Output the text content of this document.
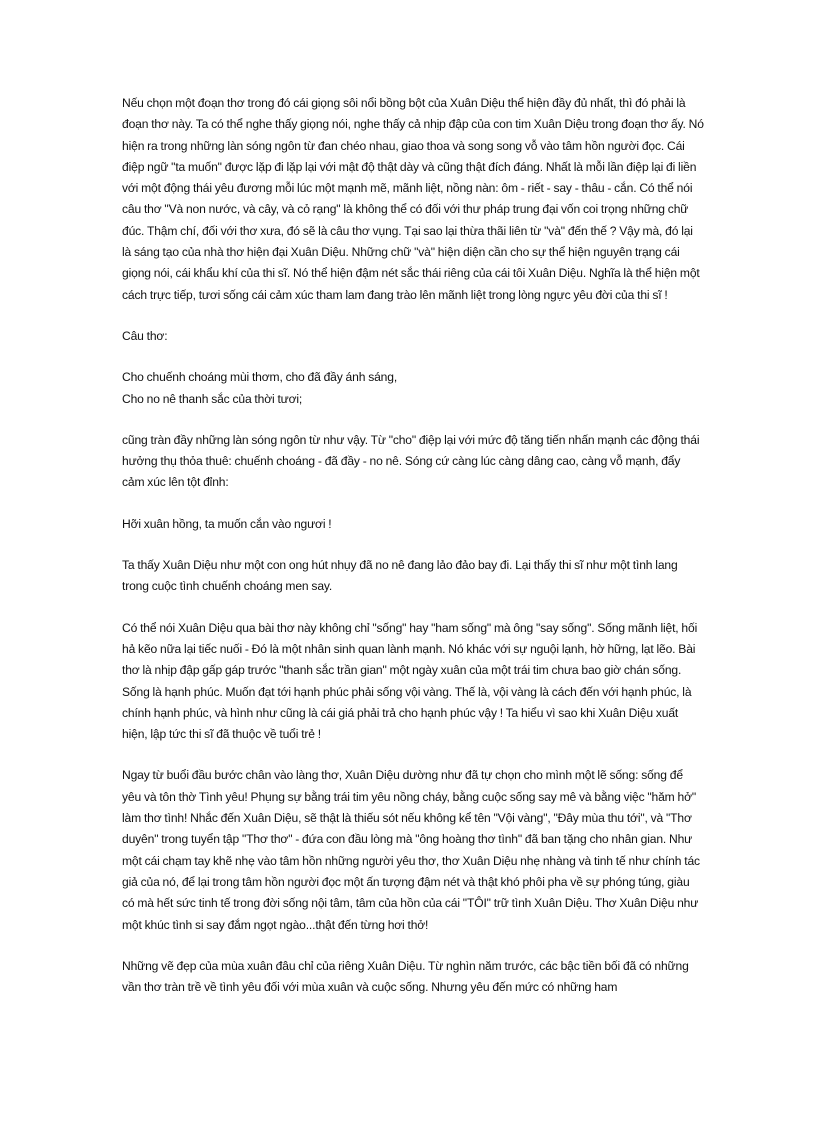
Nếu chọn một đoạn thơ trong đó cái giọng sôi nổi bồng bột của Xuân Diệu thể hiện đầy đủ nhất, thì đó phải là đoạn thơ này. Ta có thể nghe thấy giọng nói, nghe thấy cả nhịp đập của con tim Xuân Diệu trong đoạn thơ ấy. Nó hiện ra trong những làn sóng ngôn từ đan chéo nhau, giao thoa và song song vỗ vào tâm hồn người đọc. Cái điệp ngữ "ta muốn" được lặp đi lặp lại với mật độ thật dày và cũng thật đích đáng. Nhất là mỗi lần điệp lại đi liền với một động thái yêu đương mỗi lúc một mạnh mẽ, mãnh liệt, nồng nàn: ôm - riết - say - thâu - cắn. Có thể nói câu thơ "Và non nước, và cây, và cỏ rạng" là không thể có đối với thư pháp trung đại vốn coi trọng những chữ đúc. Thậm chí, đối với thơ xưa, đó sẽ là câu thơ vụng. Tại sao lại thừa thãi liên từ "và" đến thế ? Vậy mà, đó lại là sáng tạo của nhà thơ hiện đại Xuân Diệu. Những chữ "và" hiện diện cần cho sự thể hiện nguyên trạng cái giọng nói, cái khẩu khí của thi sĩ. Nó thể hiện đậm nét sắc thái riêng của cái tôi Xuân Diệu. Nghĩa là thể hiện một cách trực tiếp, tươi sống cái cảm xúc tham lam đang trào lên mãnh liệt trong lòng ngực yêu đời của thi sĩ !

Câu thơ:

Cho chuếnh choáng mùi thơm, cho đã đầy ánh sáng,

Cho no nê thanh sắc của thời tươi;

cũng tràn đầy những làn sóng ngôn từ như vậy. Từ "cho" điệp lại với mức độ tăng tiến nhấn mạnh các động thái hưởng thụ thỏa thuê: chuếnh choáng - đã đầy - no nê. Sóng cứ càng lúc càng dâng cao, càng vỗ mạnh, đẩy cảm xúc lên tột đỉnh:

Hỡi xuân hồng, ta muốn cắn vào ngươi !

Ta thấy Xuân Diệu như một con ong hút nhụy đã no nê đang lảo đảo bay đi. Lại thấy thi sĩ như một tình lang trong cuộc tình chuếnh choáng men say.

Có thể nói Xuân Diệu qua bài thơ này không chỉ "sống" hay "ham sống" mà ông "say sống". Sống mãnh liệt, hối hả kẽo nữa lại tiếc nuối - Đó là một nhân sinh quan lành mạnh. Nó khác với sự nguội lạnh, hờ hững, lạt lẽo. Bài thơ là nhịp đập gấp gáp trước "thanh sắc trần gian" một ngày xuân của một trái tim chưa bao giờ chán sống.

Sống là hạnh phúc. Muốn đạt tới hạnh phúc phải sống vội vàng. Thế là, vội vàng là cách đến với hạnh phúc, là chính hạnh phúc, và hình như cũng là cái giá phải trả cho hạnh phúc vậy ! Ta hiểu vì sao khi Xuân Diệu xuất hiện, lập tức thi sĩ đã thuộc về tuổi trẻ !

Ngay từ buổi đầu bước chân vào làng thơ, Xuân Diệu dường như đã tự chọn cho mình một lẽ sống: sống để yêu và tôn thờ Tình yêu! Phụng sự bằng trái tim yêu nồng cháy, bằng cuộc sống say mê và bằng việc "hăm hở" làm thơ tình! Nhắc đến Xuân Diệu, sẽ thật là thiếu sót nếu không kể tên "Vội vàng", "Đây mùa thu tới", và "Thơ duyên" trong tuyển tập "Thơ thơ" - đứa con đầu lòng mà "ông hoàng thơ tình" đã ban tặng cho nhân gian. Như một cái chạm tay khẽ nhẹ vào tâm hồn những người yêu thơ, thơ Xuân Diệu nhẹ nhàng và tinh tế như chính tác giả của nó, để lại trong tâm hồn người đọc một ấn tượng đậm nét và thật khó phôi pha về sự phóng túng, giàu có mà hết sức tinh tế trong đời sống nội tâm, tâm của hồn của cái "TÔI" trữ tình Xuân Diệu. Thơ Xuân Diệu như một khúc tình si say đắm ngọt ngào...thật đến từng hơi thở!

Những vẽ đẹp của mùa xuân đâu chỉ của riêng Xuân Diệu. Từ nghìn năm trước, các bậc tiền bối đã có những vần thơ tràn trề về tình yêu đối với mùa xuân và cuộc sống. Nhưng yêu đến mức có những ham
